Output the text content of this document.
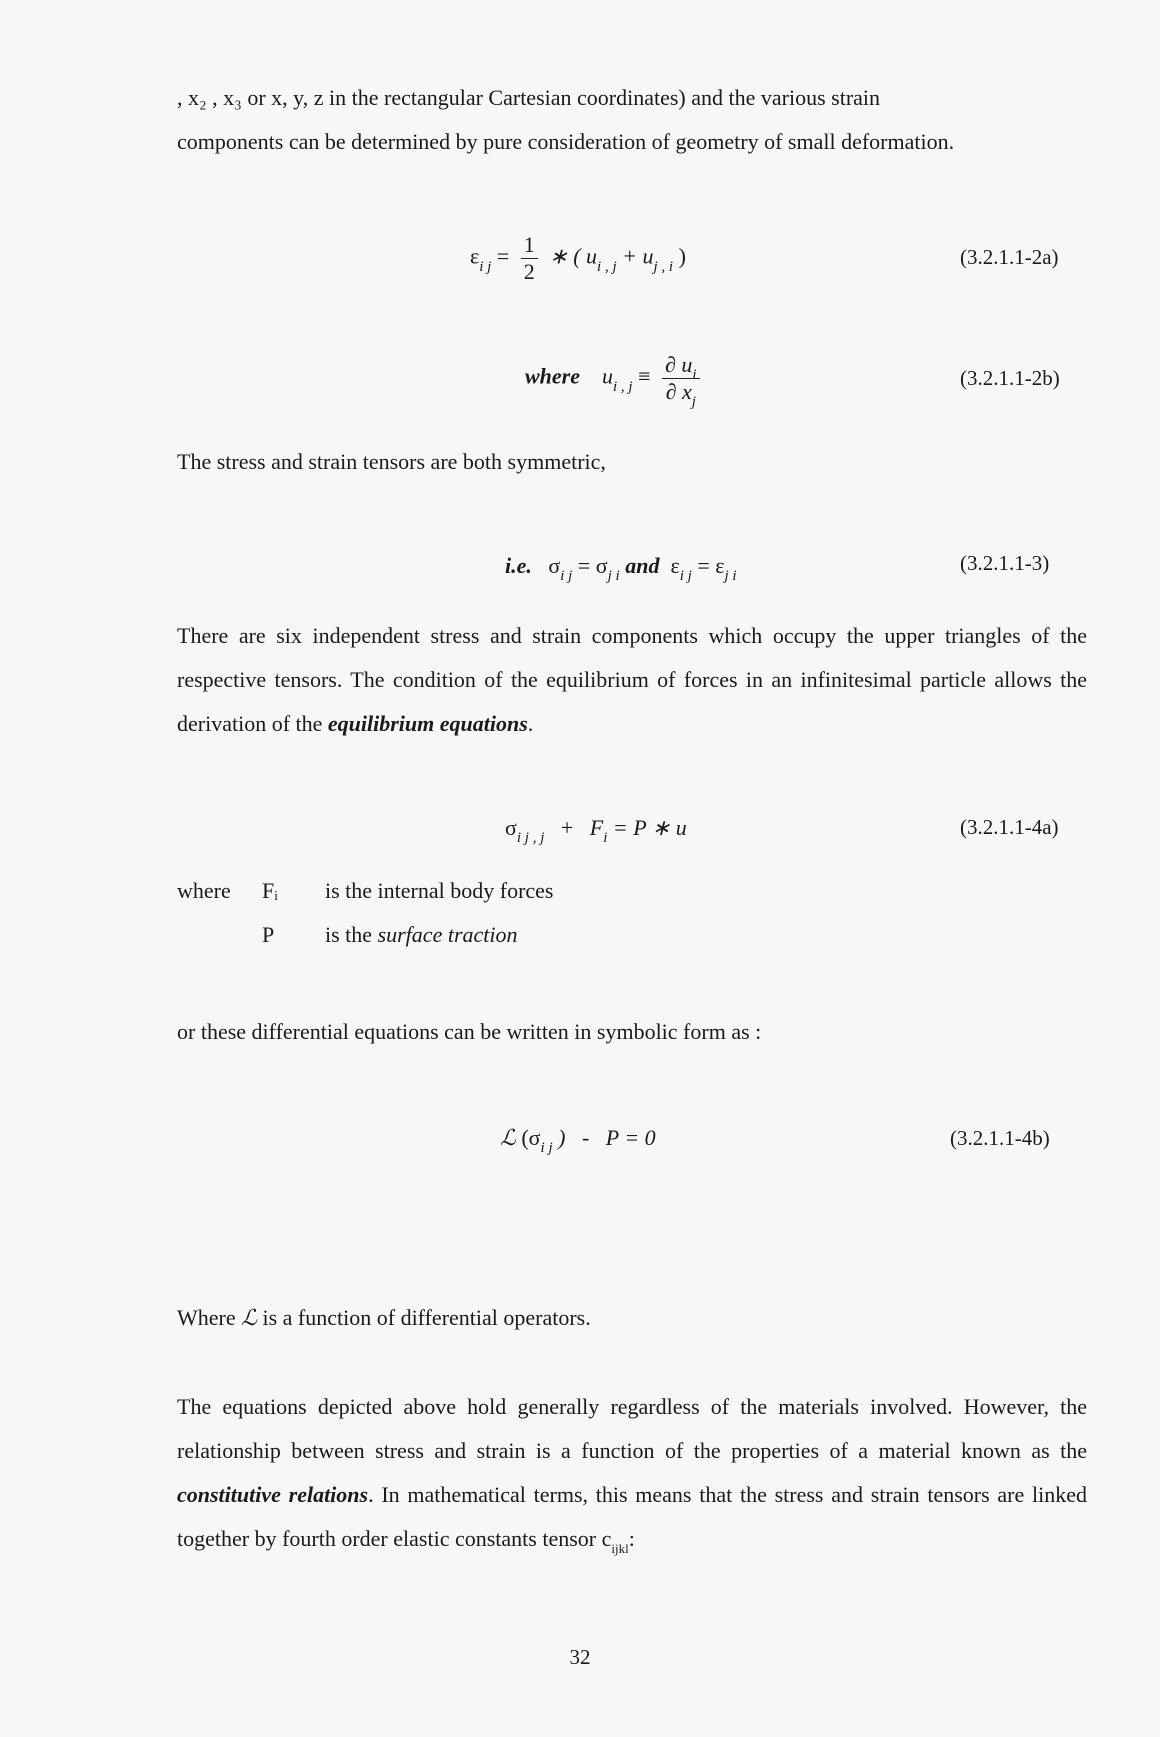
, x₂ , x₃ or x, y, z in the rectangular Cartesian coordinates) and the various strain
components can be determined by pure consideration of geometry of small deformation.

$\varepsilon_{i j} = \frac{1}{2}$ ∗ ( $u_{i , j} + u_{j , i}$ )	(3.2.1.1-2a)
where $u_{i , j} \equiv \frac{\partial u_i}{\partial x_j}$	(3.2.1.1-2b)

The stress and strain tensors are both symmetric,

i.e. $\sigma_{i j} = \sigma_{j i}$ and $\varepsilon_{i j} = \varepsilon_{j i}$
(3.2.1.1-3)

There are six independent stress and strain components which occupy the upper triangles of the respective tensors. The condition of the equilibrium of forces in an infinitesimal particle allows the derivation of the equilibrium equations.

$\sigma_{i j , j} + F_i = P$ ∗ u	(3.2.1.1-4a)
where Fᵢ is the internal body forces
P is the surface traction

or these differential equations can be written in symbolic form as :

ℒ ($\sigma_{i j}$ )   -   P = 0	(3.2.1.1-4b)

Where ℒ is a function of differential operators.

The equations depicted above hold generally regardless of the materials involved. However, the relationship between stress and strain is a function of the properties of a material known as the constitutive relations. In mathematical terms, this means that the stress and strain tensors are linked together by fourth order elastic constants tensor $c_{ijkl}$:

32
